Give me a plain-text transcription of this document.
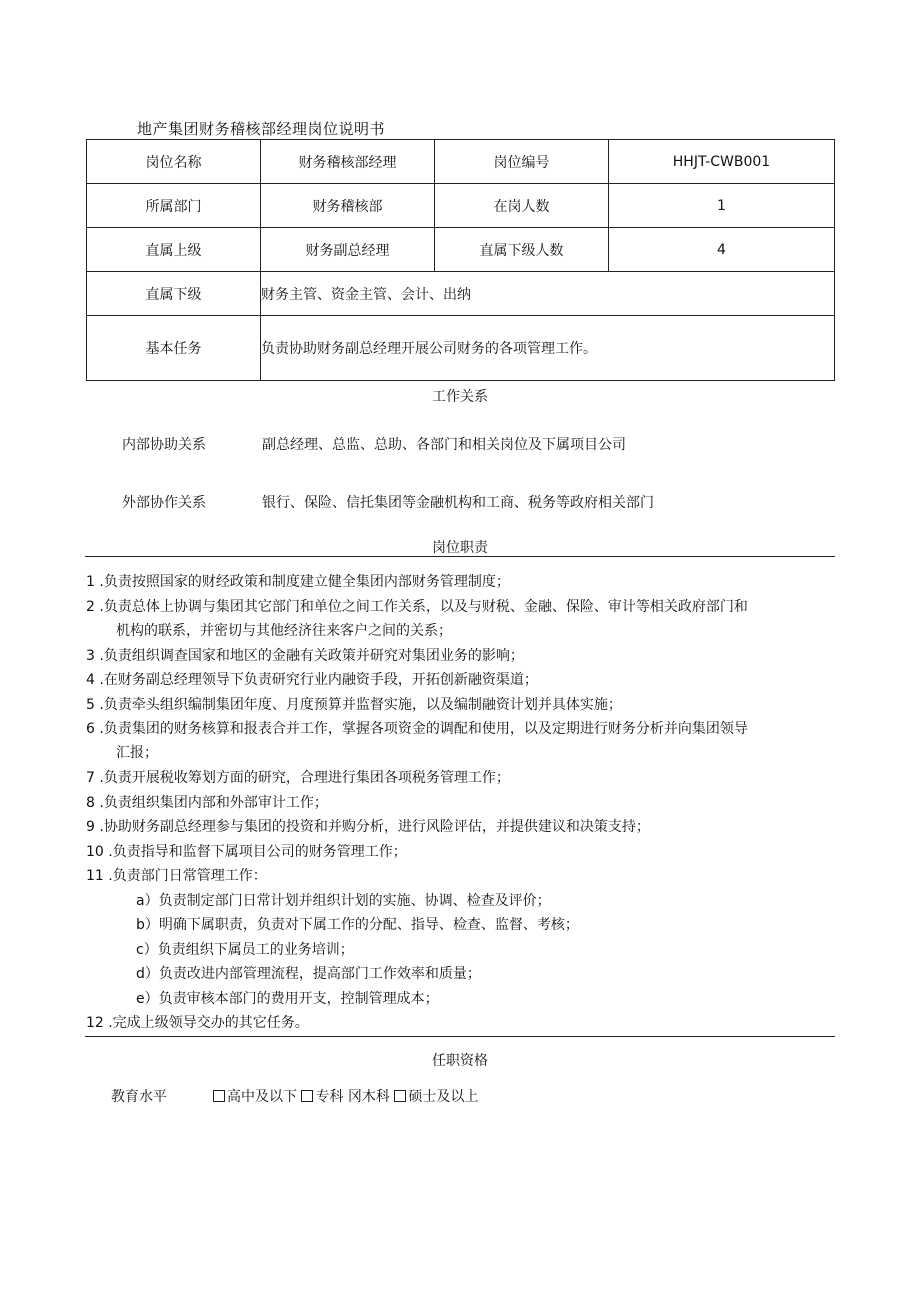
地产集团财务稽核部经理岗位说明书
岗位名称	财务稽核部经理	岗位编号	HHJT-CWB001
所属部门	财务稽核部	在岗人数	1
直属上级	财务副总经理	直属下级人数	4
直属下级	财务主管、资金主管、会计、出纳		
基本任务	负责协助财务副总经理开展公司财务的各项管理工作。		
工作关系
内部协助关系	副总经理、总监、总助、各部门和相关岗位及下属项目公司
外部协作关系	银行、保险、信托集团等金融机构和工商、税务等政府相关部门
岗位职责
1 .负责按照国家的财经政策和制度建立健全集团内部财务管理制度；
2 .负责总体上协调与集团其它部门和单位之间工作关系，以及与财税、金融、保险、审计等相关政府部门和
机构的联系，并密切与其他经济往来客户之间的关系；
3 .负责组织调查国家和地区的金融有关政策并研究对集团业务的影响；
4 .在财务副总经理领导下负责研究行业内融资手段，开拓创新融资渠道；
5 .负责牵头组织编制集团年度、月度预算并监督实施，以及编制融资计划并具体实施；
6 .负责集团的财务核算和报表合并工作，掌握各项资金的调配和使用，以及定期进行财务分析并向集团领导
汇报；
7 .负责开展税收筹划方面的研究，合理进行集团各项税务管理工作；
8 .负责组织集团内部和外部审计工作；
9 .协助财务副总经理参与集团的投资和并购分析，进行风险评估，并提供建议和决策支持；
10 .负责指导和监督下属项目公司的财务管理工作；
11 .负责部门日常管理工作：
a）负责制定部门日常计划并组织计划的实施、协调、检查及评价；
b）明确下属职责，负责对下属工作的分配、指导、检查、监督、考核；
c）负责组织下属员工的业务培训；
d）负责改进内部管理流程，提高部门工作效率和质量；
e）负责审核本部门的费用开支，控制管理成本；
12 .完成上级领导交办的其它任务。
任职资格
教育水平	高中及以下 专科 冈木科 硕士及以上
